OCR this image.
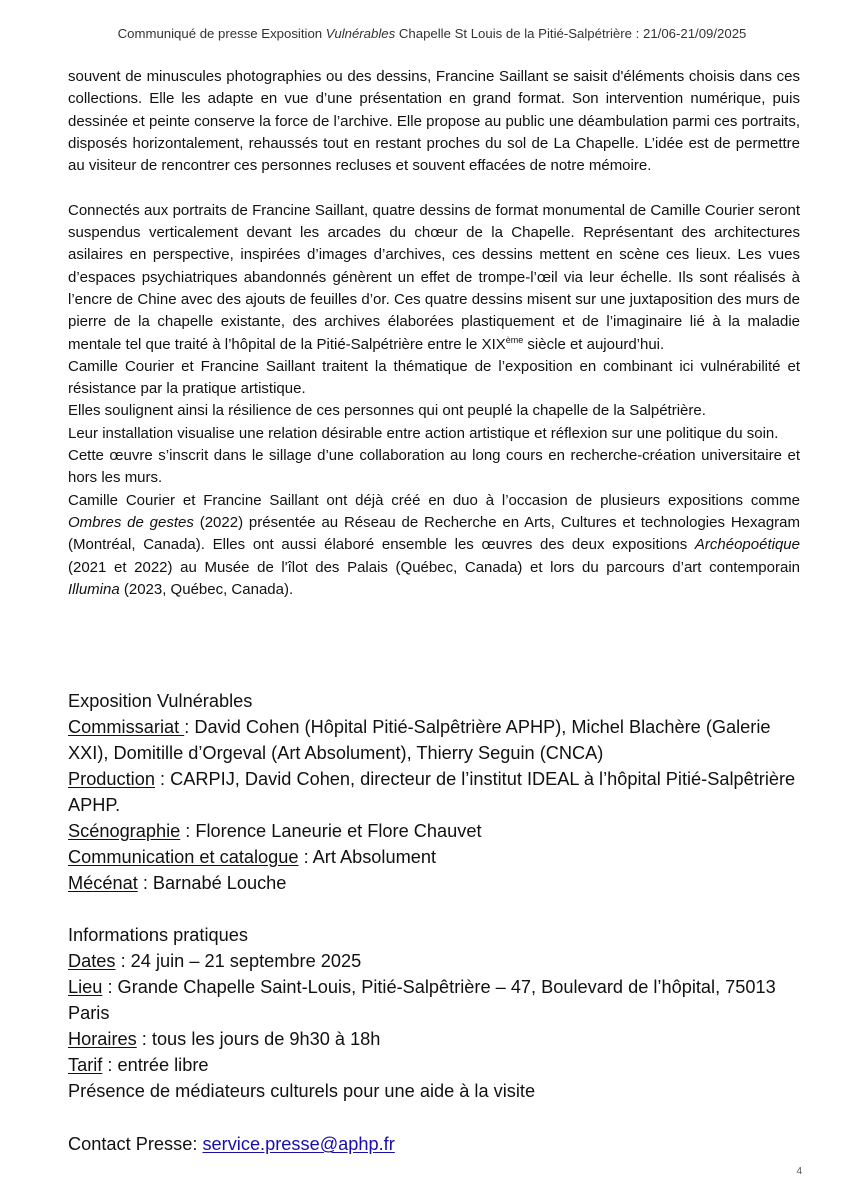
Communiqué de presse Exposition Vulnérables Chapelle St Louis de la Pitié-Salpétrière : 21/06-21/09/2025

souvent de minuscules photographies ou des dessins, Francine Saillant se saisit d'éléments choisis dans ces collections. Elle les adapte en vue d’une présentation en grand format. Son intervention numérique, puis dessinée et peinte conserve la force de l’archive. Elle propose au public une déambulation parmi ces portraits, disposés horizontalement, rehaussés tout en restant proches du sol de La Chapelle. L’idée est de permettre au visiteur de rencontrer ces personnes recluses et souvent effacées de notre mémoire.

Connectés aux portraits de Francine Saillant, quatre dessins de format monumental de Camille Courier seront suspendus verticalement devant les arcades du chœur de la Chapelle. Représentant des architectures asilaires en perspective, inspirées d’images d’archives, ces dessins mettent en scène ces lieux. Les vues d’espaces psychiatriques abandonnés génèrent un effet de trompe-l’œil via leur échelle. Ils sont réalisés à l’encre de Chine avec des ajouts de feuilles d’or. Ces quatre dessins misent sur une juxtaposition des murs de pierre de la chapelle existante, des archives élaborées plastiquement et de l’imaginaire lié à la maladie mentale tel que traité à l’hôpital de la Pitié-Salpétrière entre le XIXème siècle et aujourd’hui.

Camille Courier et Francine Saillant traitent la thématique de l’exposition en combinant ici vulnérabilité et résistance par la pratique artistique.

Elles soulignent ainsi la résilience de ces personnes qui ont peuplé la chapelle de la Salpétrière.

Leur installation visualise une relation désirable entre action artistique et réflexion sur une politique du soin.

Cette œuvre s’inscrit dans le sillage d’une collaboration au long cours en recherche-création universitaire et hors les murs.

Camille Courier et Francine Saillant ont déjà créé en duo à l’occasion de plusieurs expositions comme Ombres de gestes (2022) présentée au Réseau de Recherche en Arts, Cultures et technologies Hexagram (Montréal, Canada). Elles ont aussi élaboré ensemble les œuvres des deux expositions Archéopoétique (2021 et 2022) au Musée de l'îlot des Palais (Québec, Canada) et lors du parcours d’art contemporain Illumina (2023, Québec, Canada).

Exposition Vulnérables

Commissariat : David Cohen (Hôpital Pitié-Salpêtrière APHP), Michel Blachère (Galerie XXI), Domitille d’Orgeval (Art Absolument), Thierry Seguin (CNCA)

Production : CARPIJ, David Cohen, directeur de l’institut IDEAL à l’hôpital Pitié-Salpêtrière APHP.

Scénographie : Florence Laneurie et Flore Chauvet

Communication et catalogue : Art Absolument

Mécénat : Barnabé Louche

Informations pratiques

Dates : 24 juin – 21 septembre 2025

Lieu : Grande Chapelle Saint-Louis, Pitié-Salpêtrière – 47, Boulevard de l’hôpital, 75013 Paris

Horaires : tous les jours de 9h30 à 18h

Tarif : entrée libre

Présence de médiateurs culturels pour une aide à la visite

Contact Presse: service.presse@aphp.fr
4
